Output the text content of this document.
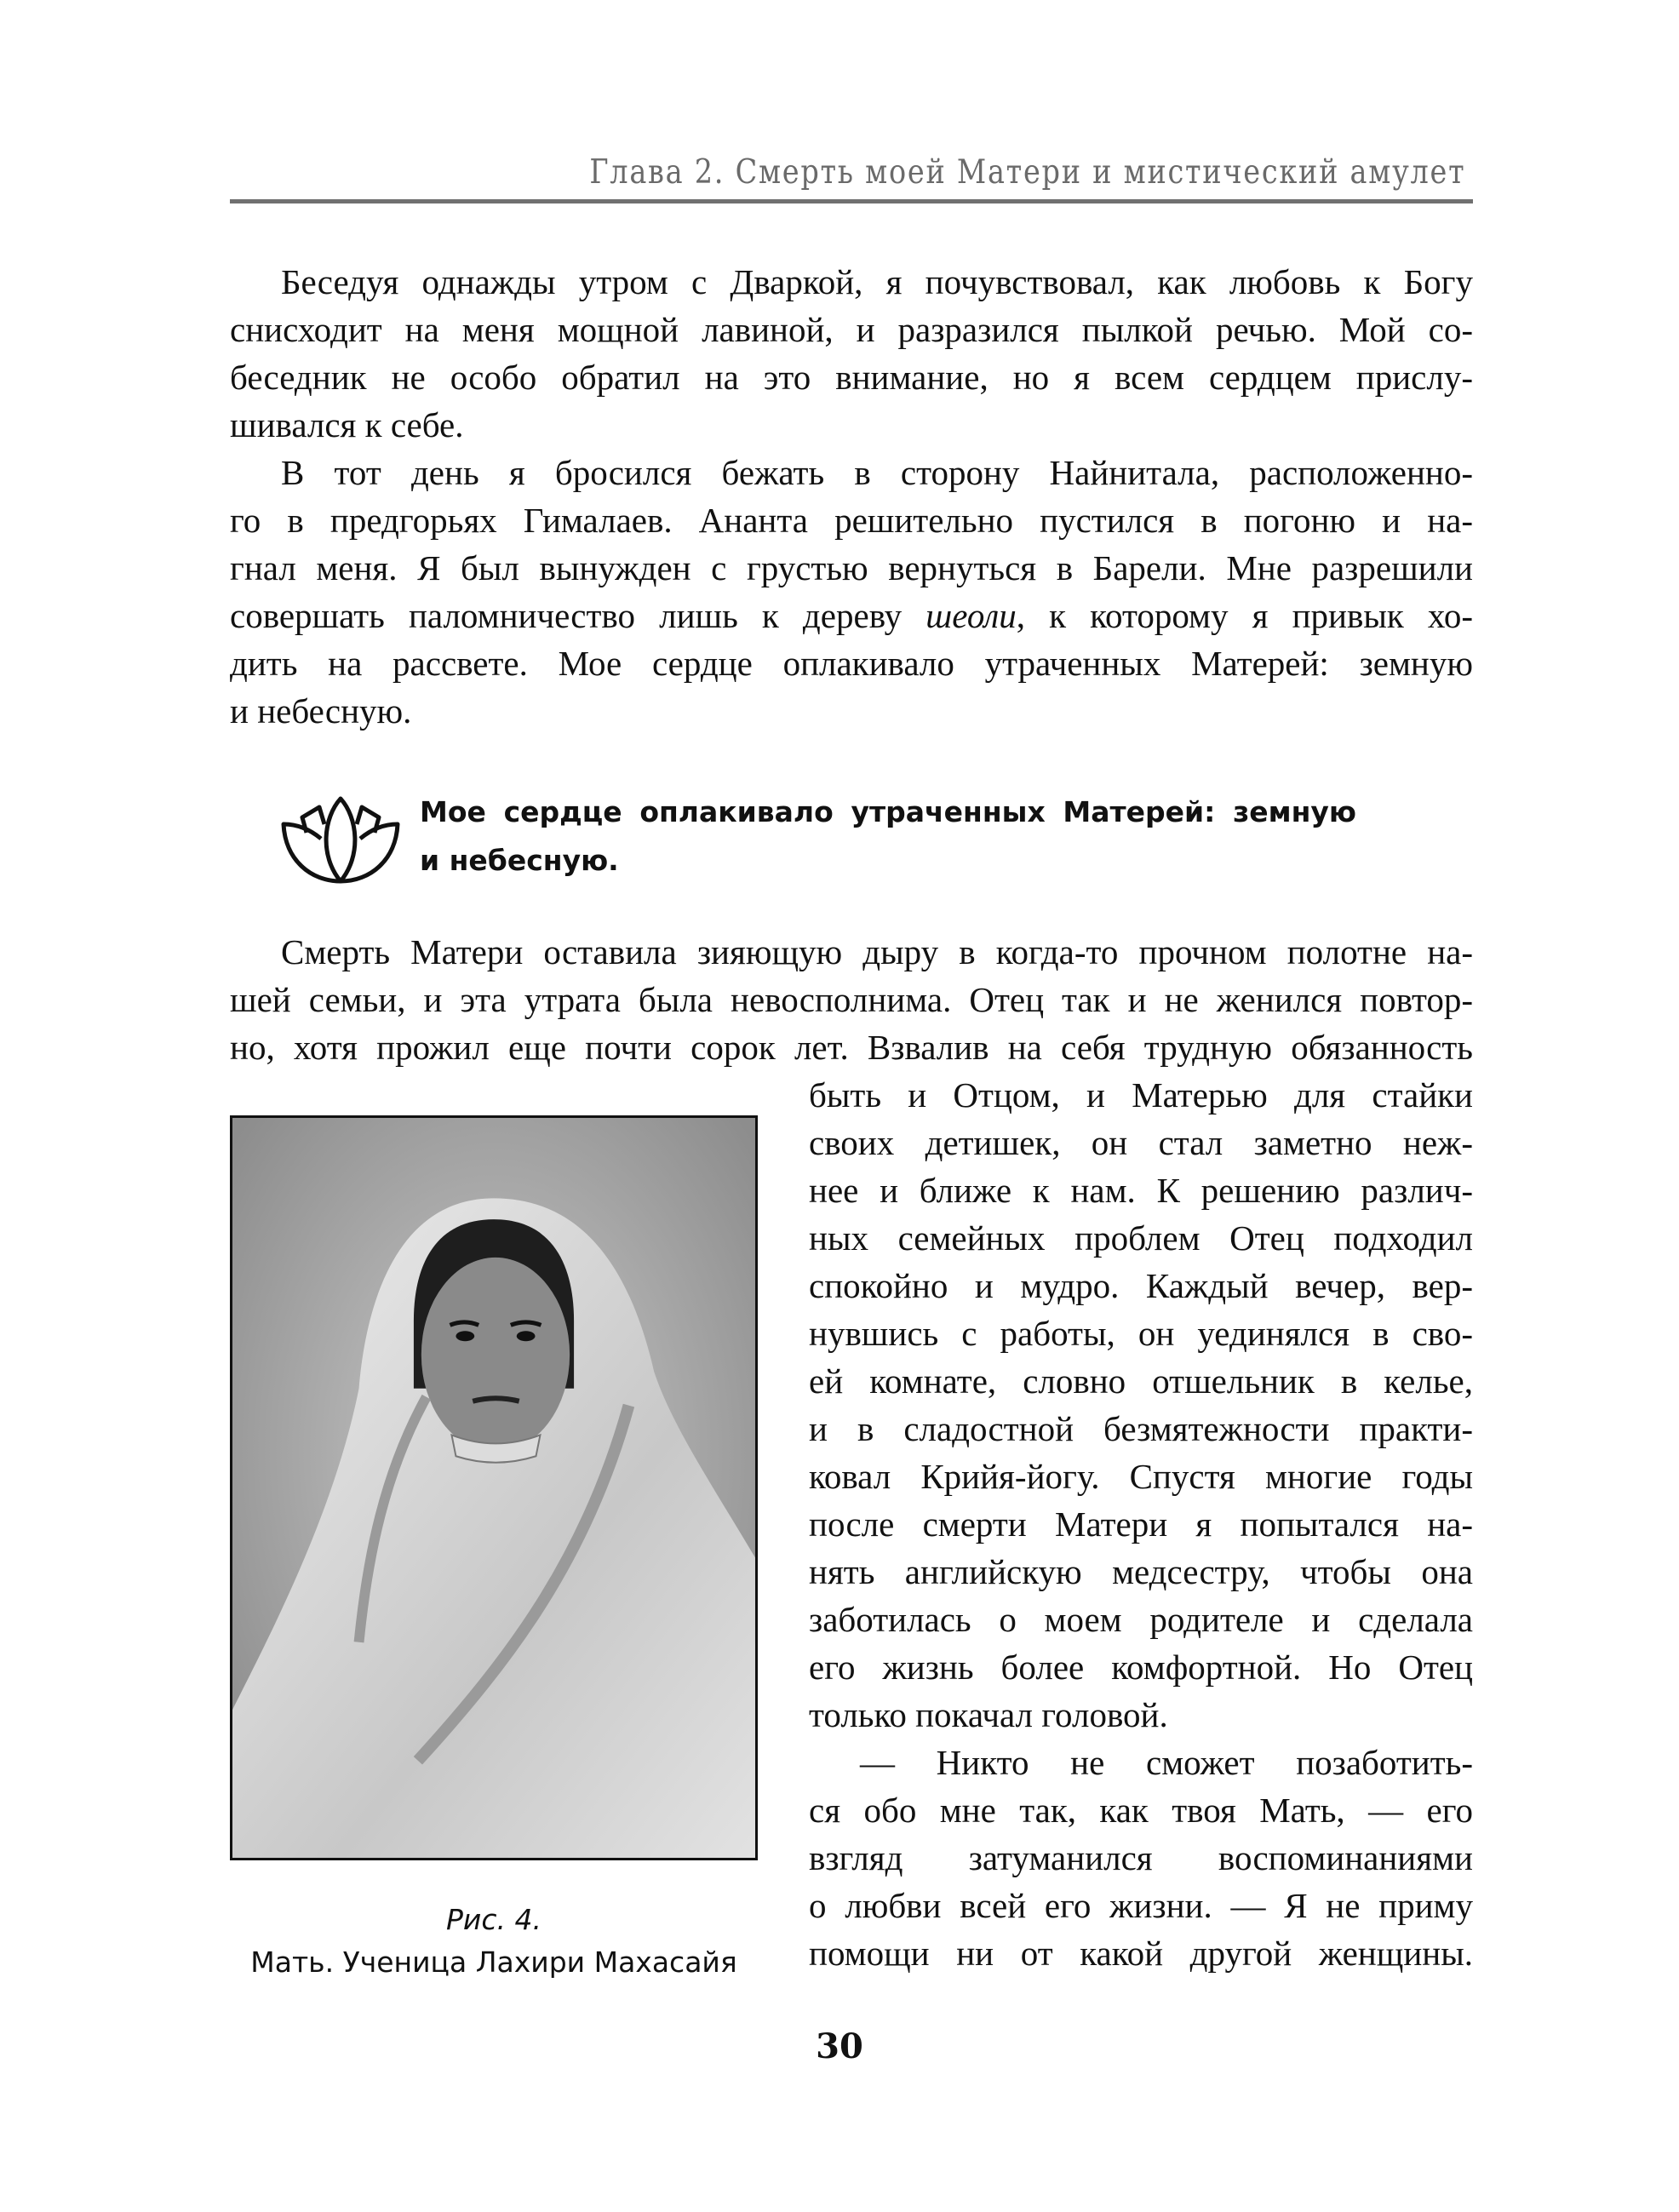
Глава 2. Смерть моей Матери и мистический амулет
Беседуя однажды утром с Дваркой, я почувствовал, как любовь к Богу
снисходит на меня мощной лавиной, и разразился пылкой речью. Мой со-
беседник не особо обратил на это внимание, но я всем сердцем прислу-
шивался к себе.
В тот день я бросился бежать в сторону Найнитала, расположенно-
го в предгорьях Гималаев. Ананта решительно пустился в погоню и на-
гнал меня. Я был вынужден с грустью вернуться в Барели. Мне разрешили
совершать паломничество лишь к дереву шеоли, к которому я привык хо-
дить на рассвете. Мое сердце оплакивало утраченных Матерей: земную
и небесную.
Мое сердце оплакивало утраченных Матерей: земную
и небесную.
Смерть Матери оставила зияющую дыру в когда-то прочном полотне на-
шей семьи, и эта утрата была невосполнима. Отец так и не женился повтор-
но, хотя прожил еще почти сорок лет. Взвалив на себя трудную обязанность
быть и Отцом, и Матерью для стайки
своих детишек, он стал заметно неж-
нее и ближе к нам. К решению различ-
ных семейных проблем Отец подходил
спокойно и мудро. Каждый вечер, вер-
нувшись с работы, он уединялся в сво-
ей комнате, словно отшельник в келье,
и в сладостной безмятежности практи-
ковал Крийя-йогу. Спустя многие годы
после смерти Матери я попытался на-
нять английскую медсестру, чтобы она
заботилась о моем родителе и сделала
его жизнь более комфортной. Но Отец
только покачал головой.
— Никто не сможет позаботить-
ся обо мне так, как твоя Мать, — его
взгляд затуманился воспоминаниями
о любви всей его жизни. — Я не приму
помощи ни от какой другой женщины.
Рис. 4.
Мать. Ученица Лахири Махасайя
30
